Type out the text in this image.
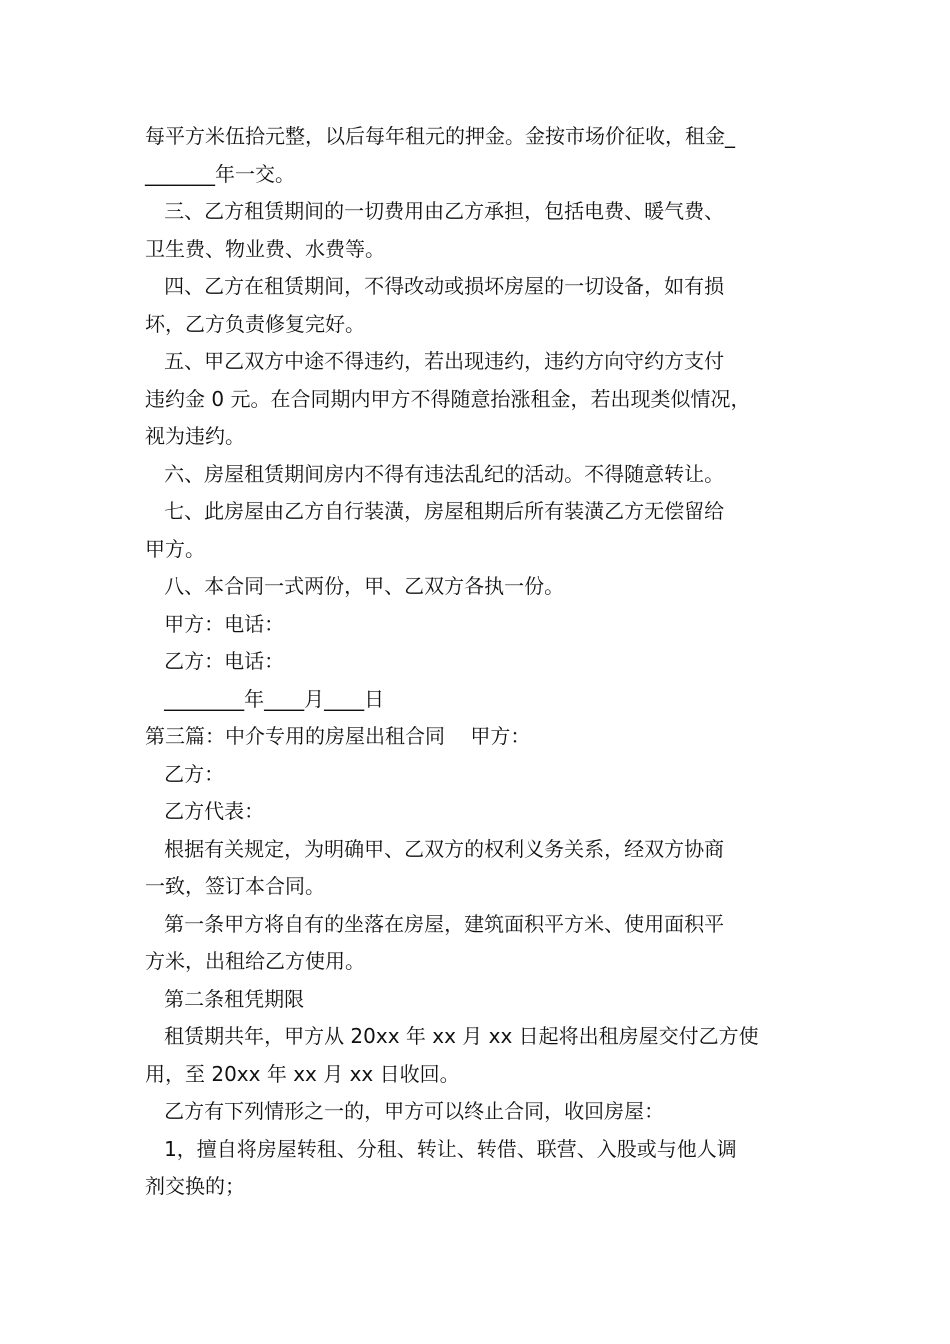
每平方米伍拾元整，以后每年租元的押金。金按市场价征收，租金_
_______年一交。
三、乙方租赁期间的一切费用由乙方承担，包括电费、暖气费、
卫生费、物业费、水费等。
四、乙方在租赁期间，不得改动或损坏房屋的一切设备，如有损
坏，乙方负责修复完好。
五、甲乙双方中途不得违约，若出现违约，违约方向守约方支付
违约金 0 元。在合同期内甲方不得随意抬涨租金，若出现类似情况，
视为违约。
六、房屋租赁期间房内不得有违法乱纪的活动。不得随意转让。
七、此房屋由乙方自行装潢，房屋租期后所有装潢乙方无偿留给
甲方。
八、本合同一式两份，甲、乙双方各执一份。
甲方：电话：
乙方：电话：
________年____月____日
第三篇：中介专用的房屋出租合同    甲方：
乙方：
乙方代表：
根据有关规定，为明确甲、乙双方的权利义务关系，经双方协商
一致，签订本合同。
第一条甲方将自有的坐落在房屋，建筑面积平方米、使用面积平
方米，出租给乙方使用。
第二条租凭期限
租赁期共年，甲方从 20xx 年 xx 月 xx 日起将出租房屋交付乙方使
用，至 20xx 年 xx 月 xx 日收回。
乙方有下列情形之一的，甲方可以终止合同，收回房屋：
1，擅自将房屋转租、分租、转让、转借、联营、入股或与他人调
剂交换的；
